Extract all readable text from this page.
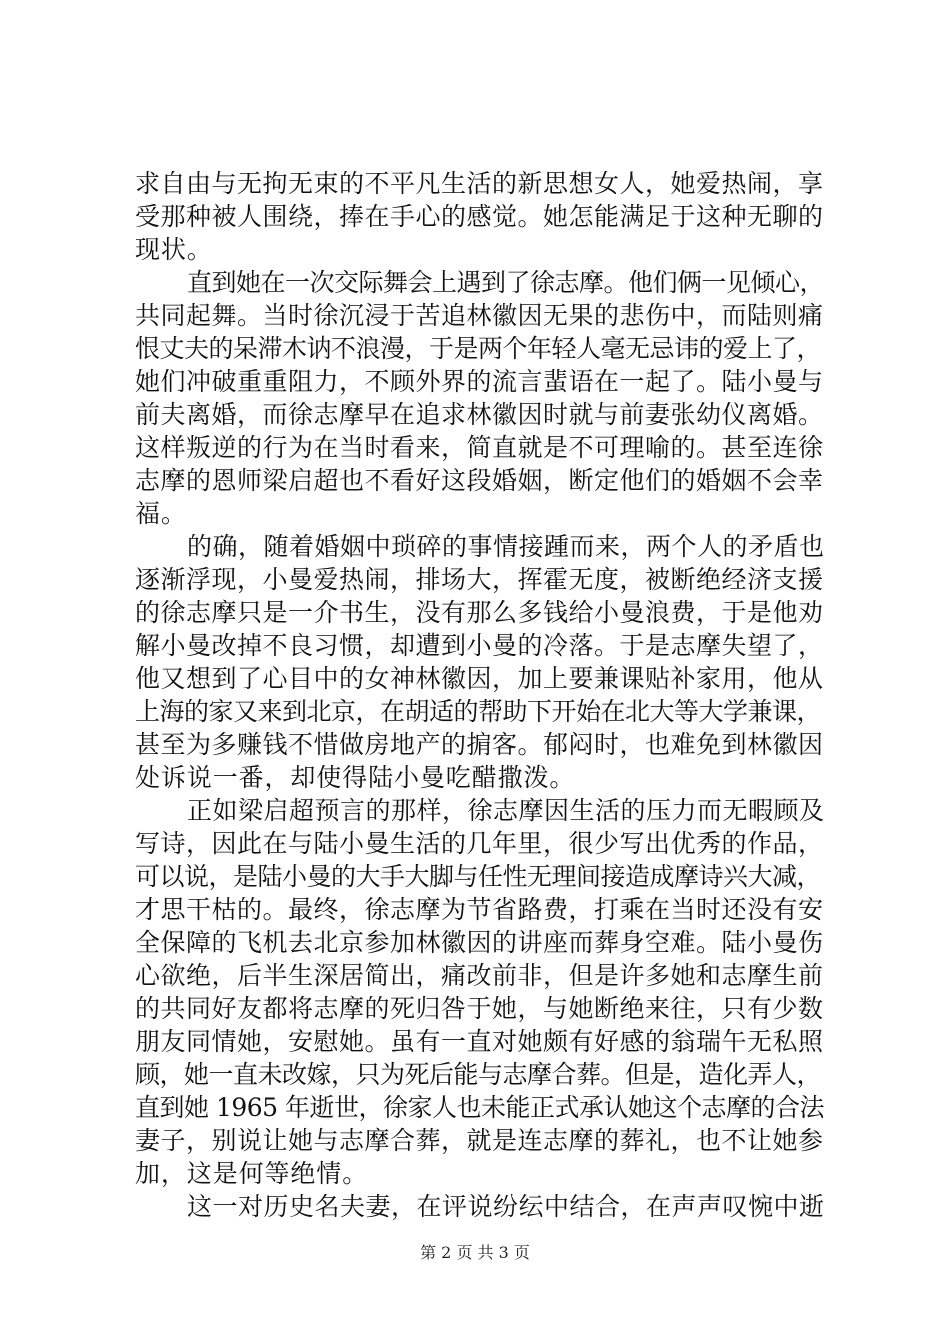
求自由与无拘无束的不平凡生活的新思想女人，她爱热闹，享
受那种被人围绕，捧在手心的感觉。她怎能满足于这种无聊的
现状。
直到她在一次交际舞会上遇到了徐志摩。他们俩一见倾心，
共同起舞。当时徐沉浸于苦追林徽因无果的悲伤中，而陆则痛
恨丈夫的呆滞木讷不浪漫，于是两个年轻人毫无忌讳的爱上了，
她们冲破重重阻力，不顾外界的流言蜚语在一起了。陆小曼与
前夫离婚，而徐志摩早在追求林徽因时就与前妻张幼仪离婚。
这样叛逆的行为在当时看来，简直就是不可理喻的。甚至连徐
志摩的恩师梁启超也不看好这段婚姻，断定他们的婚姻不会幸
福。
的确，随着婚姻中琐碎的事情接踵而来，两个人的矛盾也
逐渐浮现，小曼爱热闹，排场大，挥霍无度，被断绝经济支援
的徐志摩只是一介书生，没有那么多钱给小曼浪费，于是他劝
解小曼改掉不良习惯，却遭到小曼的冷落。于是志摩失望了，
他又想到了心目中的女神林徽因，加上要兼课贴补家用，他从
上海的家又来到北京，在胡适的帮助下开始在北大等大学兼课，
甚至为多赚钱不惜做房地产的掮客。郁闷时，也难免到林徽因
处诉说一番，却使得陆小曼吃醋撒泼。
正如梁启超预言的那样，徐志摩因生活的压力而无暇顾及
写诗，因此在与陆小曼生活的几年里，很少写出优秀的作品，
可以说，是陆小曼的大手大脚与任性无理间接造成摩诗兴大减，
才思干枯的。最终，徐志摩为节省路费，打乘在当时还没有安
全保障的飞机去北京参加林徽因的讲座而葬身空难。陆小曼伤
心欲绝，后半生深居简出，痛改前非，但是许多她和志摩生前
的共同好友都将志摩的死归咎于她，与她断绝来往，只有少数
朋友同情她，安慰她。虽有一直对她颇有好感的翁瑞午无私照
顾，她一直未改嫁，只为死后能与志摩合葬。但是，造化弄人，
直到她 1965 年逝世，徐家人也未能正式承认她这个志摩的合法
妻子，别说让她与志摩合葬，就是连志摩的葬礼，也不让她参
加，这是何等绝情。
这一对历史名夫妻，在评说纷纭中结合，在声声叹惋中逝
第 2 页 共 3 页
